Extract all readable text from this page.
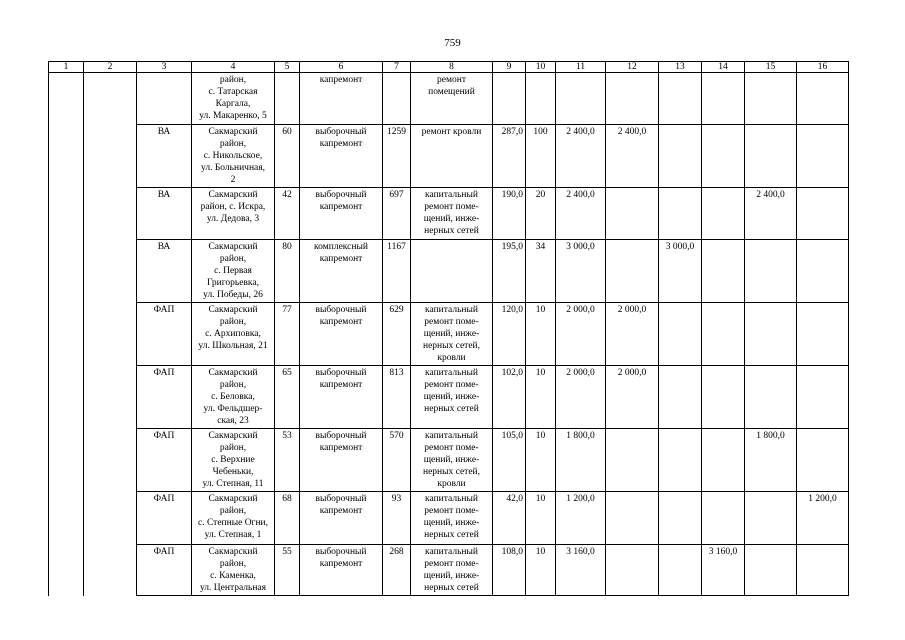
759
1	2	3	4	5	6	7	8	9	10	11	12	13	14	15	16
			район,
с. Татарская
Каргала,
ул. Макаренко, 5		капремонт		ремонт
помещений								
		ВА	Сакмарский
район,
с. Никольское,
ул. Больничная,
2	60	выборочный
капремонт	1259	ремонт кровли	287,0	100	2 400,0	2 400,0				
		ВА	Сакмарский
район, с. Искра,
ул. Дедова, 3	42	выборочный
капремонт	697	капитальный
ремонт поме-
щений, инже-
нерных сетей	190,0	20	2 400,0				2 400,0	
		ВА	Сакмарский
район,
с. Первая
Григорьевка,
ул. Победы, 26	80	комплексный
капремонт	1167		195,0	34	3 000,0		3 000,0			
		ФАП	Сакмарский
район,
с. Архиповка,
ул. Школьная, 21	77	выборочный
капремонт	629	капитальный
ремонт поме-
щений, инже-
нерных сетей,
кровли	120,0	10	2 000,0	2 000,0				
		ФАП	Сакмарский
район,
с. Беловка,
ул. Фельдшер-
ская, 23	65	выборочный
капремонт	813	капитальный
ремонт поме-
щений, инже-
нерных сетей	102,0	10	2 000,0	2 000,0				
		ФАП	Сакмарский
район,
с. Верхние
Чебеньки,
ул. Степная, 11	53	выборочный
капремонт	570	капитальный
ремонт поме-
щений, инже-
нерных сетей,
кровли	105,0	10	1 800,0				1 800,0	
		ФАП	Сакмарский
район,
с. Степные Огни,
ул. Степная, 1	68	выборочный
капремонт	93	капитальный
ремонт поме-
щений, инже-
нерных сетей	42,0	10	1 200,0					1 200,0
		ФАП	Сакмарский
район,
с. Каменка,
ул. Центральная	55	выборочный
капремонт	268	капитальный
ремонт поме-
щений, инже-
нерных сетей	108,0	10	3 160,0			3 160,0		
